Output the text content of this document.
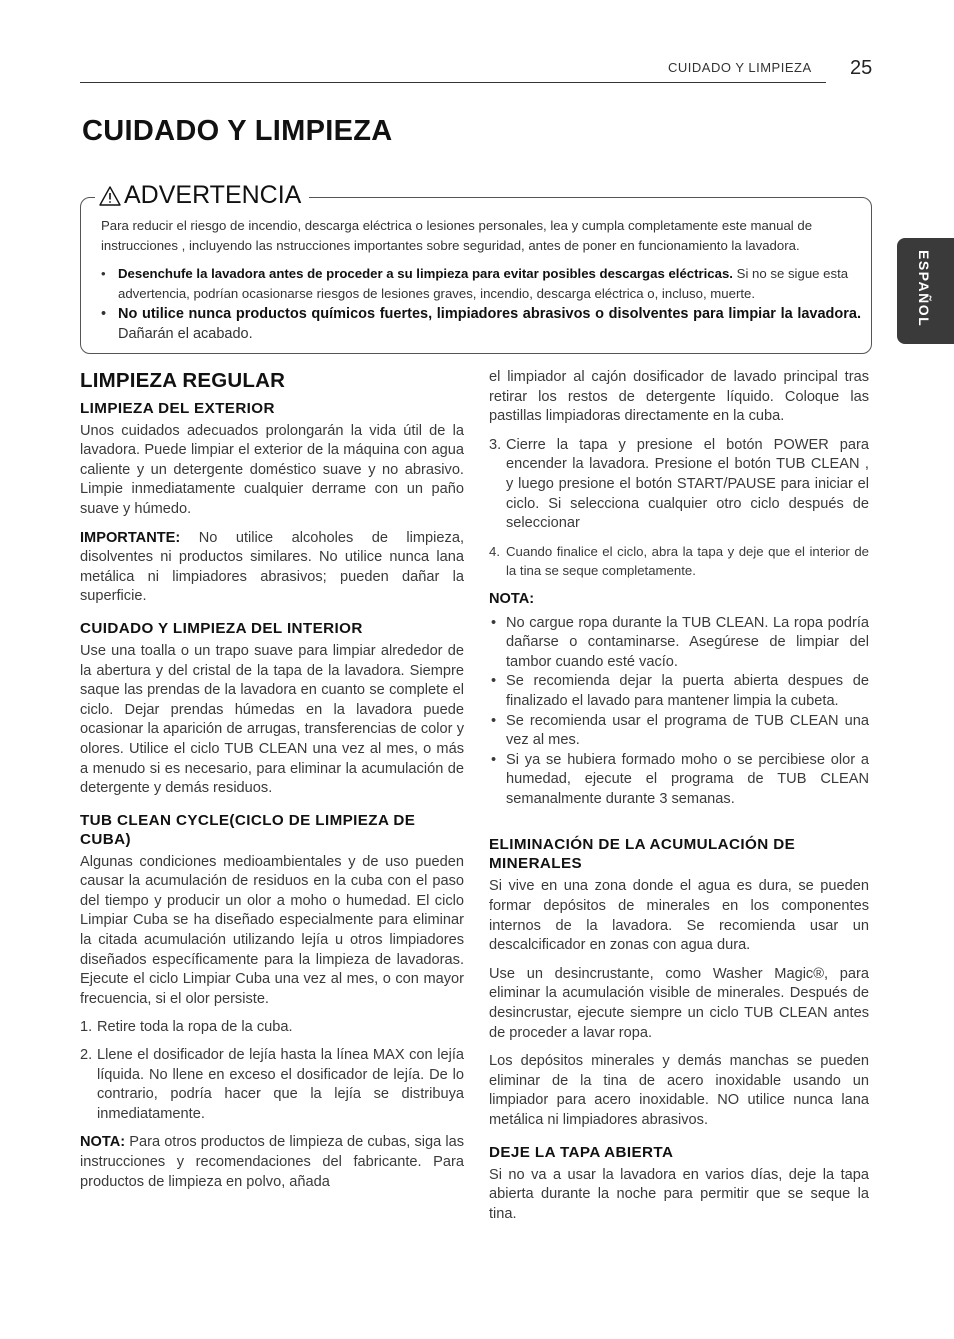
CUIDADO Y LIMPIEZA 25
CUIDADO Y LIMPIEZA
ESPAÑOL
ADVERTENCIA

Para reducir el riesgo de incendio, descarga eléctrica o lesiones personales, lea y cumpla completamente este manual de instrucciones , incluyendo las nstrucciones importantes sobre seguridad, antes de poner en funcionamiento la lavadora.

• Desenchufe la lavadora antes de proceder a su limpieza para evitar posibles descargas eléctricas. Si no se sigue esta advertencia, podrían ocasionarse riesgos de lesiones graves, incendio, descarga eléctrica o, incluso, muerte.
• No utilice nunca productos químicos fuertes, limpiadores abrasivos o disolventes para limpiar la lavadora. Dañarán el acabado.
LIMPIEZA REGULAR
LIMPIEZA DEL EXTERIOR

Unos cuidados adecuados prolongarán la vida útil de la lavadora. Puede limpiar el exterior de la máquina con agua caliente y un detergente doméstico suave y no abrasivo. Limpie inmediatamente cualquier derrame con un paño suave y húmedo.

IMPORTANTE: No utilice alcoholes de limpieza, disolventes ni productos similares. No utilice nunca lana metálica ni limpiadores abrasivos; pueden dañar la superficie.

CUIDADO Y LIMPIEZA DEL INTERIOR

Use una toalla o un trapo suave para limpiar alrededor de la abertura y del cristal de la tapa de la lavadora. Siempre saque las prendas de la lavadora en cuanto se complete el ciclo. Dejar prendas húmedas en la lavadora puede ocasionar la aparición de arrugas, transferencias de color y olores. Utilice el ciclo TUB CLEAN una vez al mes, o más a menudo si es necesario, para eliminar la acumulación de detergente y demás residuos.

TUB CLEAN CYCLE(CICLO DE LIMPIEZA DE CUBA)

Algunas condiciones medioambientales y de uso pueden causar la acumulación de residuos en la cuba con el paso del tiempo y producir un olor a moho o humedad. El ciclo Limpiar Cuba se ha diseñado especialmente para eliminar la citada acumulación utilizando lejía u otros limpiadores diseñados específicamente para la limpieza de lavadoras. Ejecute el ciclo Limpiar Cuba una vez al mes, o con mayor frecuencia, si el olor persiste.

1. Retire toda la ropa de la cuba.
2. Llene el dosificador de lejía hasta la línea MAX con lejía líquida. No llene en exceso el dosificador de lejía. De lo contrario, podría hacer que la lejía se distribuya inmediatamente.

NOTA: Para otros productos de limpieza de cubas, siga las instrucciones y recomendaciones del fabricante. Para productos de limpieza en polvo, añada

el limpiador al cajón dosificador de lavado principal tras retirar los restos de detergente líquido. Coloque las pastillas limpiadoras directamente en la cuba.

3. Cierre la tapa y presione el botón POWER para encender la lavadora. Presione el botón TUB CLEAN , y luego presione el botón START/PAUSE para iniciar el ciclo. Si selecciona cualquier otro ciclo después de seleccionar
4. Cuando finalice el ciclo, abra la tapa y deje que el interior de la tina se seque completamente.

NOTA:

• No cargue ropa durante la TUB CLEAN. La ropa podría dañarse o contaminarse. Asegúrese de limpiar del tambor cuando esté vacío.
• Se recomienda dejar la puerta abierta despues de finalizado el lavado para mantener limpia la cubeta.
• Se recomienda usar el programa de TUB CLEAN una vez al mes.
• Si ya se hubiera formado moho o se percibiese olor a humedad, ejecute el programa de TUB CLEAN semanalmente durante 3 semanas.
ELIMINACIÓN DE LA ACUMULACIÓN DE MINERALES

Si vive en una zona donde el agua es dura, se pueden formar depósitos de minerales en los componentes internos de la lavadora. Se recomienda usar un descalcificador en zonas con agua dura.

Use un desincrustante, como Washer Magic®, para eliminar la acumulación visible de minerales. Después de desincrustar, ejecute siempre un ciclo TUB CLEAN antes de proceder a lavar ropa.

Los depósitos minerales y demás manchas se pueden eliminar de la tina de acero inoxidable usando un limpiador para acero inoxidable. NO utilice nunca lana metálica ni limpiadores abrasivos.

DEJE LA TAPA ABIERTA

Si no va a usar la lavadora en varios días, deje la tapa abierta durante la noche para permitir que se seque la tina.
